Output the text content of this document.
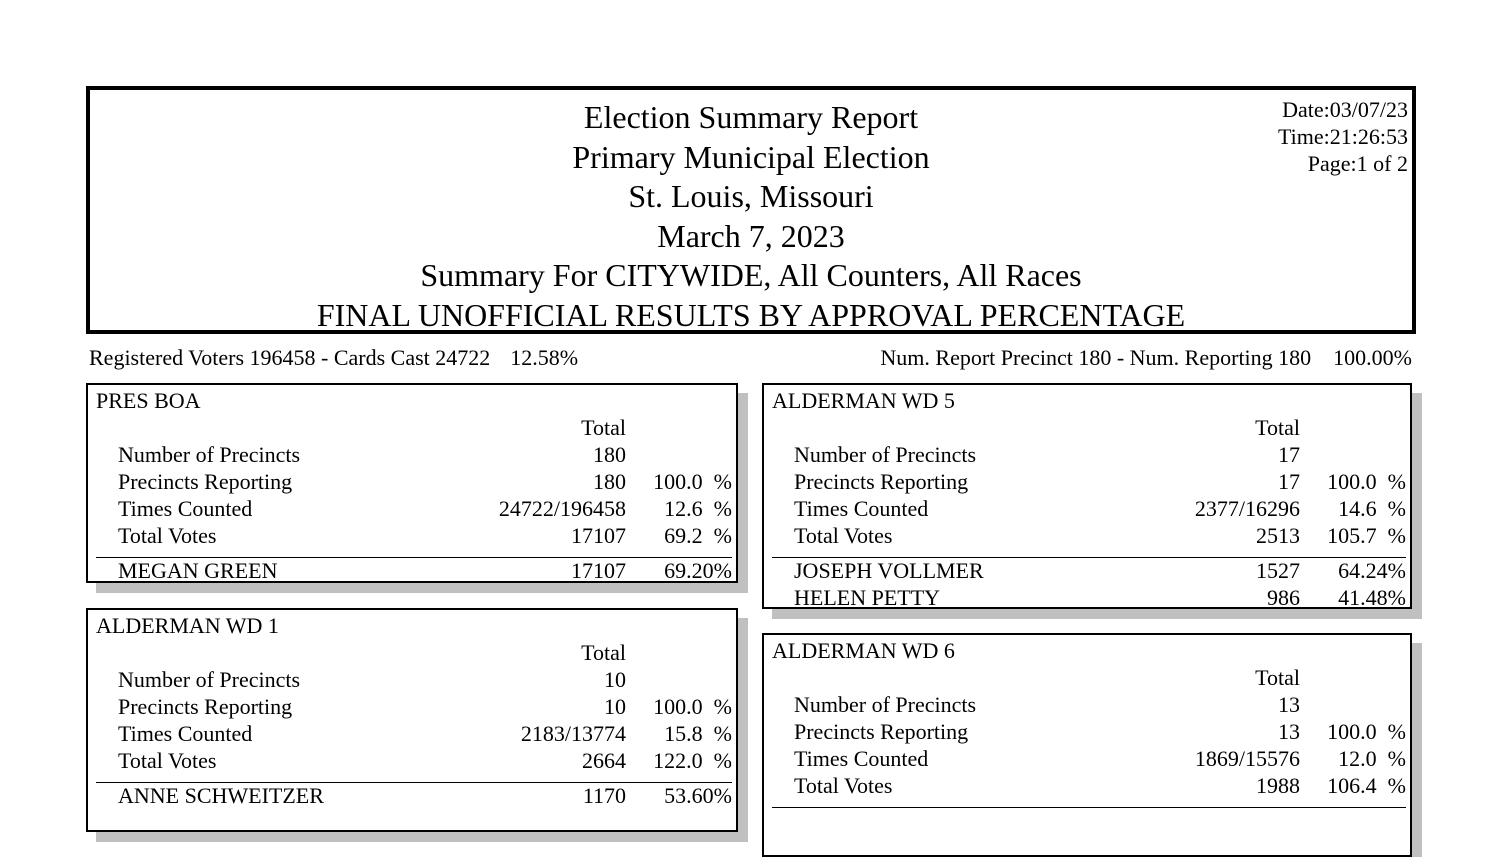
Election Summary Report
Primary Municipal Election
St. Louis, Missouri
March 7, 2023
Summary For CITYWIDE, All Counters, All Races
FINAL UNOFFICIAL RESULTS BY APPROVAL PERCENTAGE
Date:03/07/23
Time:21:26:53
Page:1 of 2
Registered Voters 196458 - Cards Cast 24722 12.58%	Num. Report Precinct 180 - Num. Reporting 180 100.00%
PRES BOA
Total
Number of Precincts	180
Precincts Reporting	180 100.0  %
Times Counted	24722/196458 12.6  %
Total Votes	17107 69.2  %
MEGAN GREEN	17107 69.20%
ALDERMAN WD 5
Total
Number of Precincts	17
Precincts Reporting	17 100.0  %
Times Counted	2377/16296 14.6  %
Total Votes	2513 105.7  %
JOSEPH VOLLMER	1527 64.24%
HELEN PETTY	986 41.48%
ALDERMAN WD 1
Total
Number of Precincts	10
Precincts Reporting	10 100.0  %
Times Counted	2183/13774 15.8  %
Total Votes	2664 122.0  %
ANNE SCHWEITZER	1170 53.60%
ALDERMAN WD 6
Total
Number of Precincts	13
Precincts Reporting	13 100.0  %
Times Counted	1869/15576 12.0  %
Total Votes	1988 106.4  %
